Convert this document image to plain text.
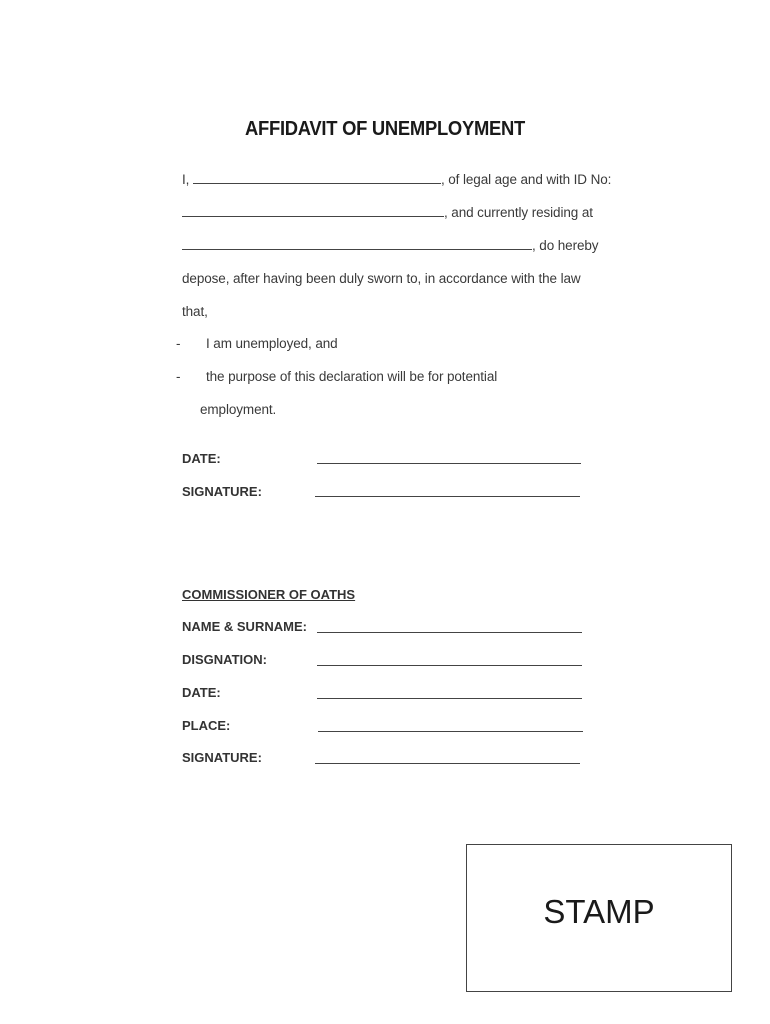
AFFIDAVIT OF UNEMPLOYMENT
I,	, of legal age and with ID No:
, and currently residing at
, do hereby
depose, after having been duly sworn to, in accordance with the law
that,
- I am unemployed, and
- the purpose of this declaration will be for potential
employment.
DATE:
SIGNATURE:
COMMISSIONER OF OATHS
NAME & SURNAME:
DISGNATION:
DATE:
PLACE:
SIGNATURE:
STAMP
